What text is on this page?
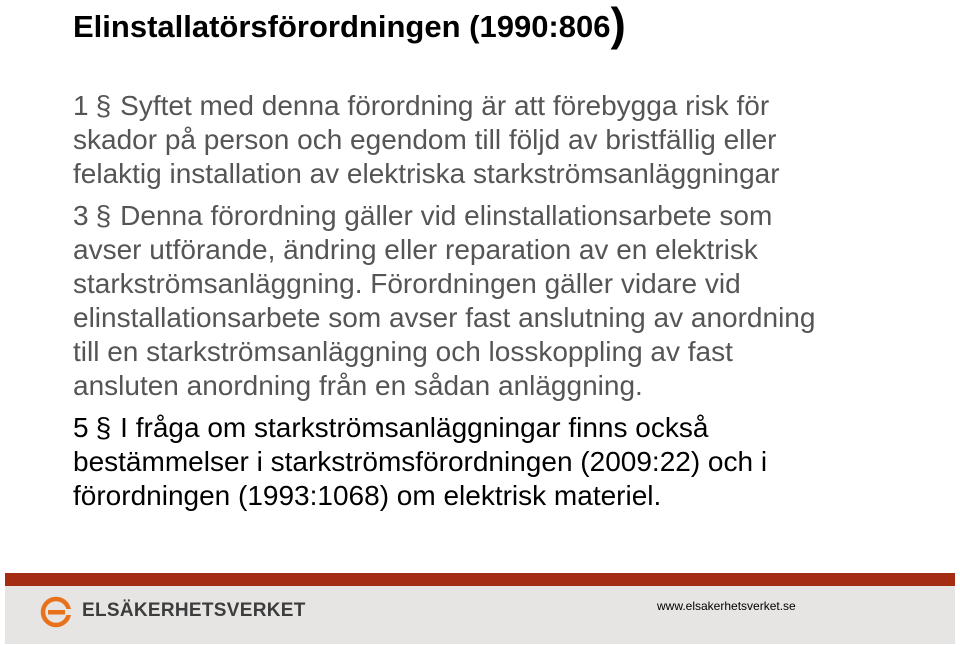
Elinstallatörsförordningen (1990:806)

1 § Syftet med denna förordning är att förebygga risk för
skador på person och egendom till följd av bristfällig eller
felaktig installation av elektriska starkströmsanläggningar

3 § Denna förordning gäller vid elinstallationsarbete som
avser utförande, ändring eller reparation av en elektrisk
starkströmsanläggning. Förordningen gäller vidare vid
elinstallationsarbete som avser fast anslutning av anordning
till en starkströmsanläggning och losskoppling av fast
ansluten anordning från en sådan anläggning.

5 § I fråga om starkströmsanläggningar finns också
bestämmelser i starkströmsförordningen (2009:22) och i
förordningen (1993:1068) om elektrisk materiel.

ELSÄKERHETSVERKET	www.elsakerhetsverket.se
